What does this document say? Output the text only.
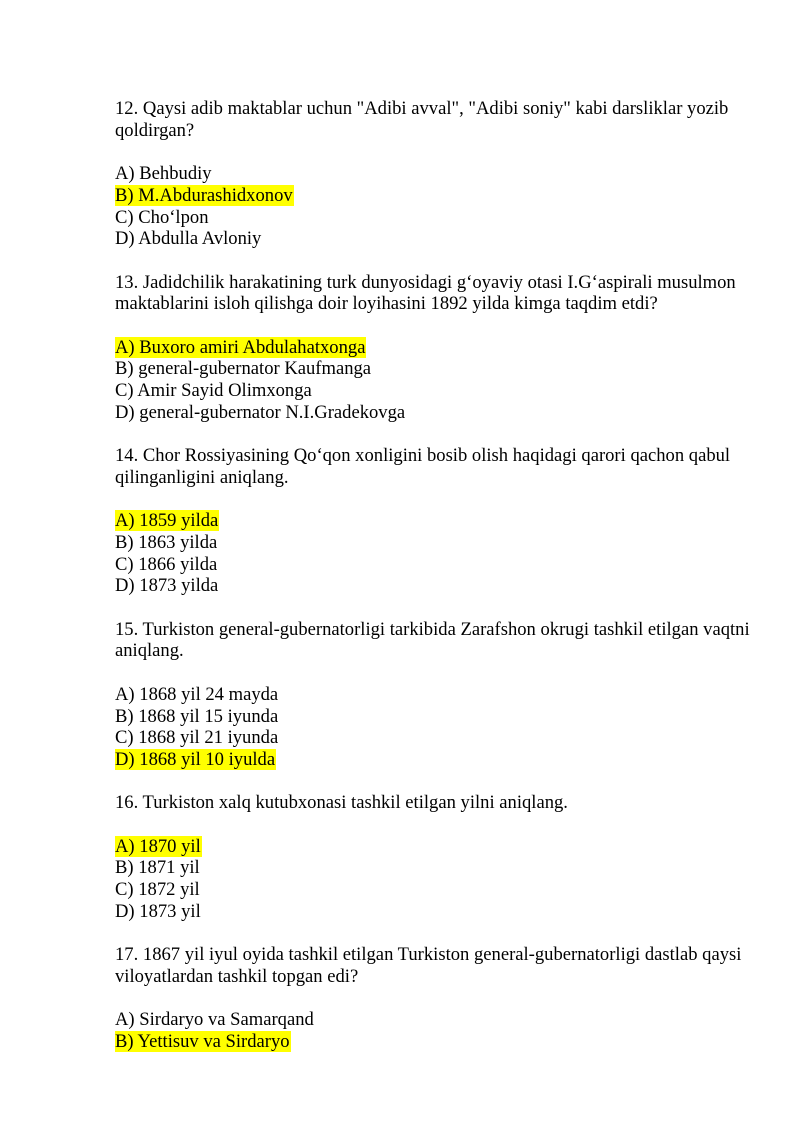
12. Qaysi adib maktablar uchun "Adibi avval", "Adibi soniy" kabi darsliklar yozib qoldirgan?
A) Behbudiy
B) M.Abdurashidxonov
C) Cho‘lpon
D) Abdulla Avloniy
13. Jadidchilik harakatining turk dunyosidagi g‘oyaviy otasi I.G‘aspirali musulmon maktablarini isloh qilishga doir loyihasini 1892 yilda kimga taqdim etdi?
A) Buxoro amiri Abdulahatxonga
B) general-gubernator Kaufmanga
C) Amir Sayid Olimxonga
D) general-gubernator N.I.Gradekovga
14. Chor Rossiyasining Qo‘qon xonligini bosib olish haqidagi qarori qachon qabul qilinganligini aniqlang.
A) 1859 yilda
B) 1863 yilda
C) 1866 yilda
D) 1873 yilda
15. Turkiston general-gubernatorligi tarkibida Zarafshon okrugi tashkil etilgan vaqtni aniqlang.
A) 1868 yil 24 mayda
B) 1868 yil 15 iyunda
C) 1868 yil 21 iyunda
D) 1868 yil 10 iyulda
16. Turkiston xalq kutubxonasi tashkil etilgan yilni aniqlang.
A) 1870 yil
B) 1871 yil
C) 1872 yil
D) 1873 yil
17. 1867 yil iyul oyida tashkil etilgan Turkiston general-gubernatorligi dastlab qaysi viloyatlardan tashkil topgan edi?
A) Sirdaryo va Samarqand
B) Yettisuv va Sirdaryo
